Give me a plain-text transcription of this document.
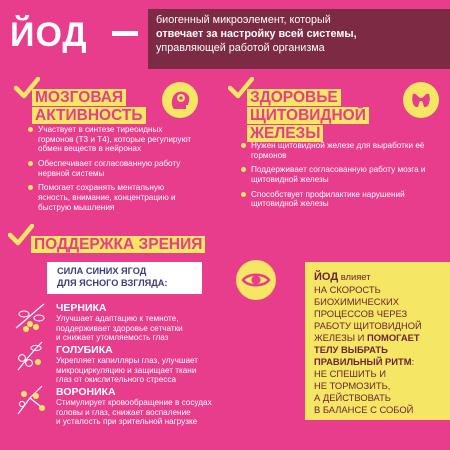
ЙОД	биогенный микроэлемент, который
отвечает за настройку всей системы,
управляющей работой организма
МОЗГОВАЯ
АКТИВНОСТЬ
Участвует в синтезе тиреоидных гормонов (Т3 и Т4), которые регулируют обмен веществ в нейронах
Обеспечивает согласованную работу нервной системы
Помогает сохранять ментальную ясность, внимание, концентрацию и быструю мышления
ЗДОРОВЬЕ
ЩИТОВИДНОЙ
ЖЕЛЕЗЫ
Нужен щитовидной железе для выработки её гормонов
Поддерживает согласованную работу мозга и щитовидной железы
Способствует профилактике нарушений щитовидной железы
ПОДДЕРЖКА ЗРЕНИЯ
СИЛА СИНИХ ЯГОД
ДЛЯ ЯСНОГО ВЗГЛЯДА:
ЧЕРНИКА
Улучшает адаптацию к темноте,
поддерживает здоровье сетчатки
и снижает утомляемость глаз
ГОЛУБИКА
Укрепляет капилляры глаз, улучшает
микроциркуляцию и защищает ткани
глаз от окислительного стресса
ВОРОНИКА
Стимулирует кровообращение в сосудах
головы и глаз, снижает воспаление
и усталость при зрительной нагрузке
ЙОД влияет
НА СКОРОСТЬ
БИОХИМИЧЕСКИХ
ПРОЦЕССОВ ЧЕРЕЗ
РАБОТУ ЩИТОВИДНОЙ
ЖЕЛЕЗЫ И ПОМОГАЕТ
ТЕЛУ ВЫБРАТЬ
ПРАВИЛЬНЫЙ РИТМ:
НЕ СПЕШИТЬ И
НЕ ТОРМОЗИТЬ,
А ДЕЙСТВОВАТЬ
В БАЛАНСЕ С СОБОЙ
